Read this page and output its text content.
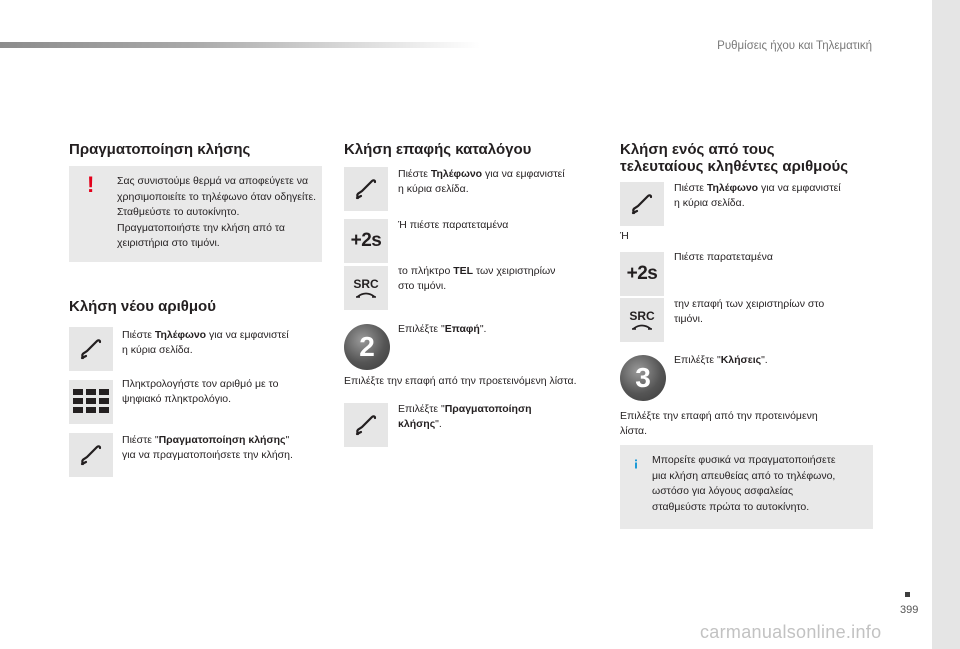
Ρυθμίσεις ήχου και Τηλεματική
399
carmanualsonline.info
Πραγματοποίηση κλήσης
! Σας συνιστούμε θερμά να αποφεύγετε να
χρησιμοποιείτε το τηλέφωνο όταν οδηγείτε.
Σταθμεύστε το αυτοκίνητο.
Πραγματοποιήστε την κλήση από τα
χειριστήρια στο τιμόνι.

Κλήση νέου αριθμού

Πιέστε Τηλέφωνο για να εμφανιστεί
η κύρια σελίδα.

Πληκτρολογήστε τον αριθμό με το
ψηφιακό πληκτρολόγιο.

Πιέστε "Πραγματοποίηση κλήσης"
για να πραγματοποιήσετε την κλήση.

Κλήση επαφής καταλόγου

Πιέστε Τηλέφωνο για να εμφανιστεί
η κύρια σελίδα.

+2s

Ή πιέστε παρατεταμένα

SRC

το πλήκτρο TEL των χειριστηρίων
στο τιμόνι.

2

Επιλέξτε "Επαφή".

Επιλέξτε την επαφή από την προετεινόμενη λίστα.

Επιλέξτε "Πραγματοποίηση
κλήσης".

Κλήση ενός από τους
τελευταίους κληθέντες αριθμούς

Πιέστε Τηλέφωνο για να εμφανιστεί
η κύρια σελίδα.

Ή

+2s

Πιέστε παρατεταμένα

SRC

την επαφή των χειριστηρίων στο
τιμόνι.

3

Επιλέξτε "Κλήσεις".

Επιλέξτε την επαφή από την προτεινόμενη
λίστα.

Μπορείτε φυσικά να πραγματοποιήσετε
μια κλήση απευθείας από το τηλέφωνο,
ωστόσο για λόγους ασφαλείας
σταθμεύστε πρώτα το αυτοκίνητο.
